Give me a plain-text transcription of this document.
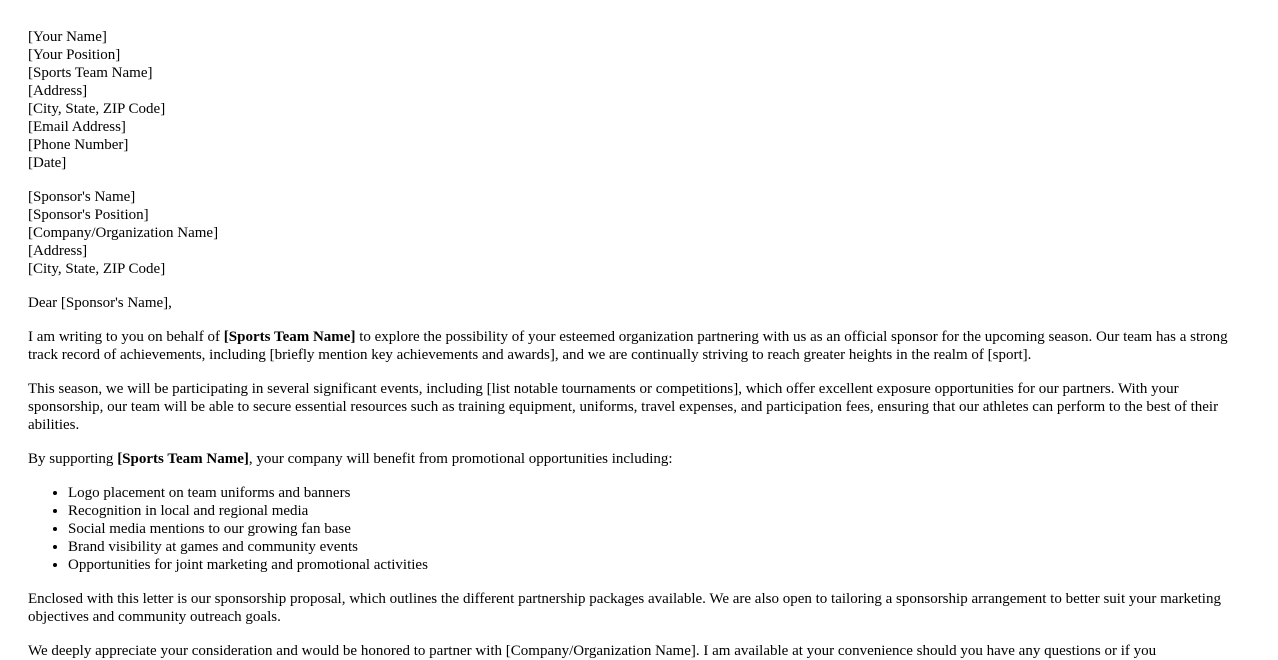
[Your Name]
[Your Position]
[Sports Team Name]
[Address]
[City, State, ZIP Code]
[Email Address]
[Phone Number]
[Date]
[Sponsor's Name]
[Sponsor's Position]
[Company/Organization Name]
[Address]
[City, State, ZIP Code]

Dear [Sponsor's Name],

I am writing to you on behalf of [Sports Team Name] to explore the possibility of your esteemed organization partnering with us as an official sponsor for the upcoming season. Our team has a strong track record of achievements, including [briefly mention key achievements and awards], and we are continually striving to reach greater heights in the realm of [sport].

This season, we will be participating in several significant events, including [list notable tournaments or competitions], which offer excellent exposure opportunities for our partners. With your sponsorship, our team will be able to secure essential resources such as training equipment, uniforms, travel expenses, and participation fees, ensuring that our athletes can perform to the best of their abilities.

By supporting [Sports Team Name], your company will benefit from promotional opportunities including:

• Logo placement on team uniforms and banners
• Recognition in local and regional media
• Social media mentions to our growing fan base
• Brand visibility at games and community events
• Opportunities for joint marketing and promotional activities

Enclosed with this letter is our sponsorship proposal, which outlines the different partnership packages available. We are also open to tailoring a sponsorship arrangement to better suit your marketing objectives and community outreach goals.

We deeply appreciate your consideration and would be honored to partner with [Company/Organization Name]. I am available at your convenience should you have any questions or if you
